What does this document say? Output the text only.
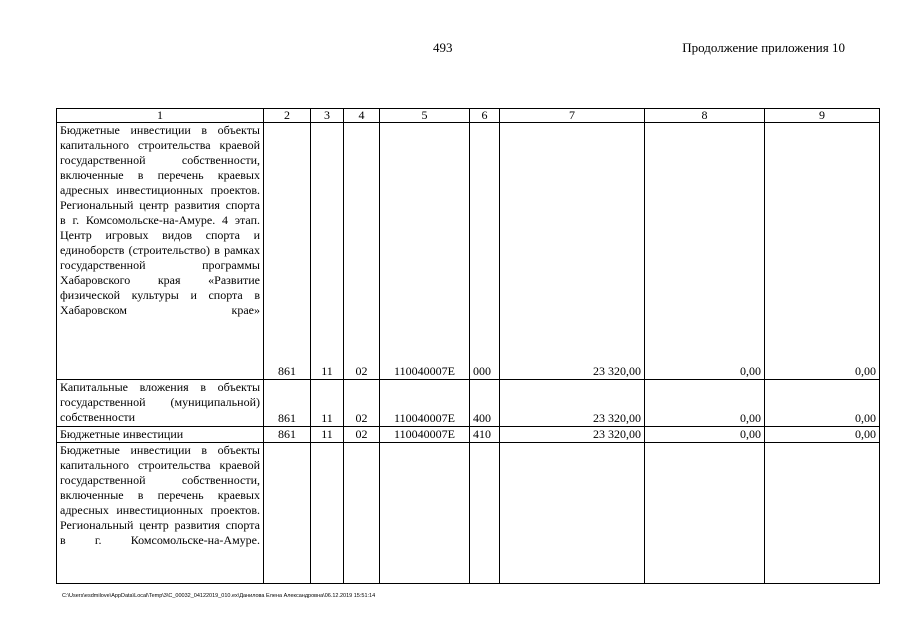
493	Продолжение приложения 10
1	2	3	4	5	6	7	8	9
Бюджетные инвестиции в объекты капитального строительства краевой государственной собственности, включенные в перечень краевых адресных инвестиционных проектов. Региональный центр развития спорта в г. Комсомольске-на-Амуре. 4 этап. Центр игровых видов спорта и единоборств (строительство) в рамках государственной программы Хабаровского края «Развитие физической культуры и спорта в Хабаровском крае»	861	11	02	110040007E	000	23 320,00	0,00	0,00
Капитальные вложения в объекты государственной (муниципальной) собственности	861	11	02	110040007E	400	23 320,00	0,00	0,00
Бюджетные инвестиции	861	11	02	110040007E	410	23 320,00	0,00	0,00
Бюджетные инвестиции в объекты капитального строительства краевой государственной собственности, включенные в перечень краевых адресных инвестиционных проектов. Региональный центр развития спорта в г. Комсомольске-на-Амуре.								
C:\Users\esdmilove\AppData\Local\Temp\3\C_00032_04122019_010.ex\Данилова Елена Александровна\06.12.2019 15:51:14
